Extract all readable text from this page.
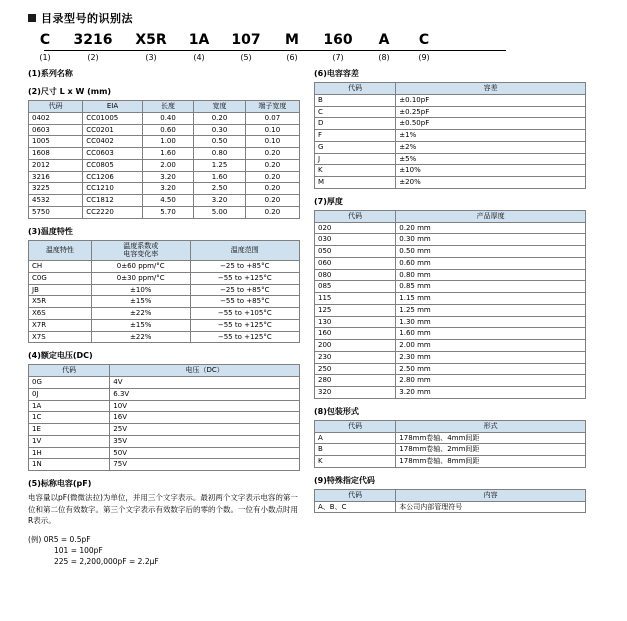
目录型号的识别法
C	3216	X5R	1A	107	M	160	A	C
(1)	(2)	(3)	(4)	(5)	(6)	(7)	(8)	(9)
(1)系列名称
(2)尺寸 L x W (mm)
代码	EIA	长度	宽度	端子宽度
0402	CC01005	0.40	0.20	0.07
0603	CC0201	0.60	0.30	0.10
1005	CC0402	1.00	0.50	0.10
1608	CC0603	1.60	0.80	0.20
2012	CC0805	2.00	1.25	0.20
3216	CC1206	3.20	1.60	0.20
3225	CC1210	3.20	2.50	0.20
4532	CC1812	4.50	3.20	0.20
5750	CC2220	5.70	5.00	0.20
(3)温度特性
温度特性	温度系数或
电容变化率	温度范围
CH	0±60 ppm/°C	−25 to +85°C
C0G	0±30 ppm/°C	−55 to +125°C
JB	±10%	−25 to +85°C
X5R	±15%	−55 to +85°C
X6S	±22%	−55 to +105°C
X7R	±15%	−55 to +125°C
X7S	±22%	−55 to +125°C
(4)额定电压(DC)
代码	电压（DC）
0G	4V
0J	6.3V
1A	10V
1C	16V
1E	25V
1V	35V
1H	50V
1N	75V
(5)标称电容(pF)
电容量以pF(微微法拉)为单位，并用三个文字表示。最初两个文字表示电容的第一位和第二位有效数字。第三个文字表示有效数字后的零的个数。一位有小数点时用R表示。
(例) 0R5 = 0.5pF
101 = 100pF
225 = 2,200,000pF = 2.2µF
(6)电容容差
代码	容差
B	±0.10pF
C	±0.25pF
D	±0.50pF
F	±1%
G	±2%
J	±5%
K	±10%
M	±20%
(7)厚度
代码	产品厚度
020	0.20 mm
030	0.30 mm
050	0.50 mm
060	0.60 mm
080	0.80 mm
085	0.85 mm
115	1.15 mm
125	1.25 mm
130	1.30 mm
160	1.60 mm
200	2.00 mm
230	2.30 mm
250	2.50 mm
280	2.80 mm
320	3.20 mm
(8)包装形式
代码	形式
A	178mm卷轴、4mm间距
B	178mm卷轴、2mm间距
K	178mm卷轴、8mm间距
(9)特殊指定代码
代码	内容
A、B、C	本公司内部管理符号
